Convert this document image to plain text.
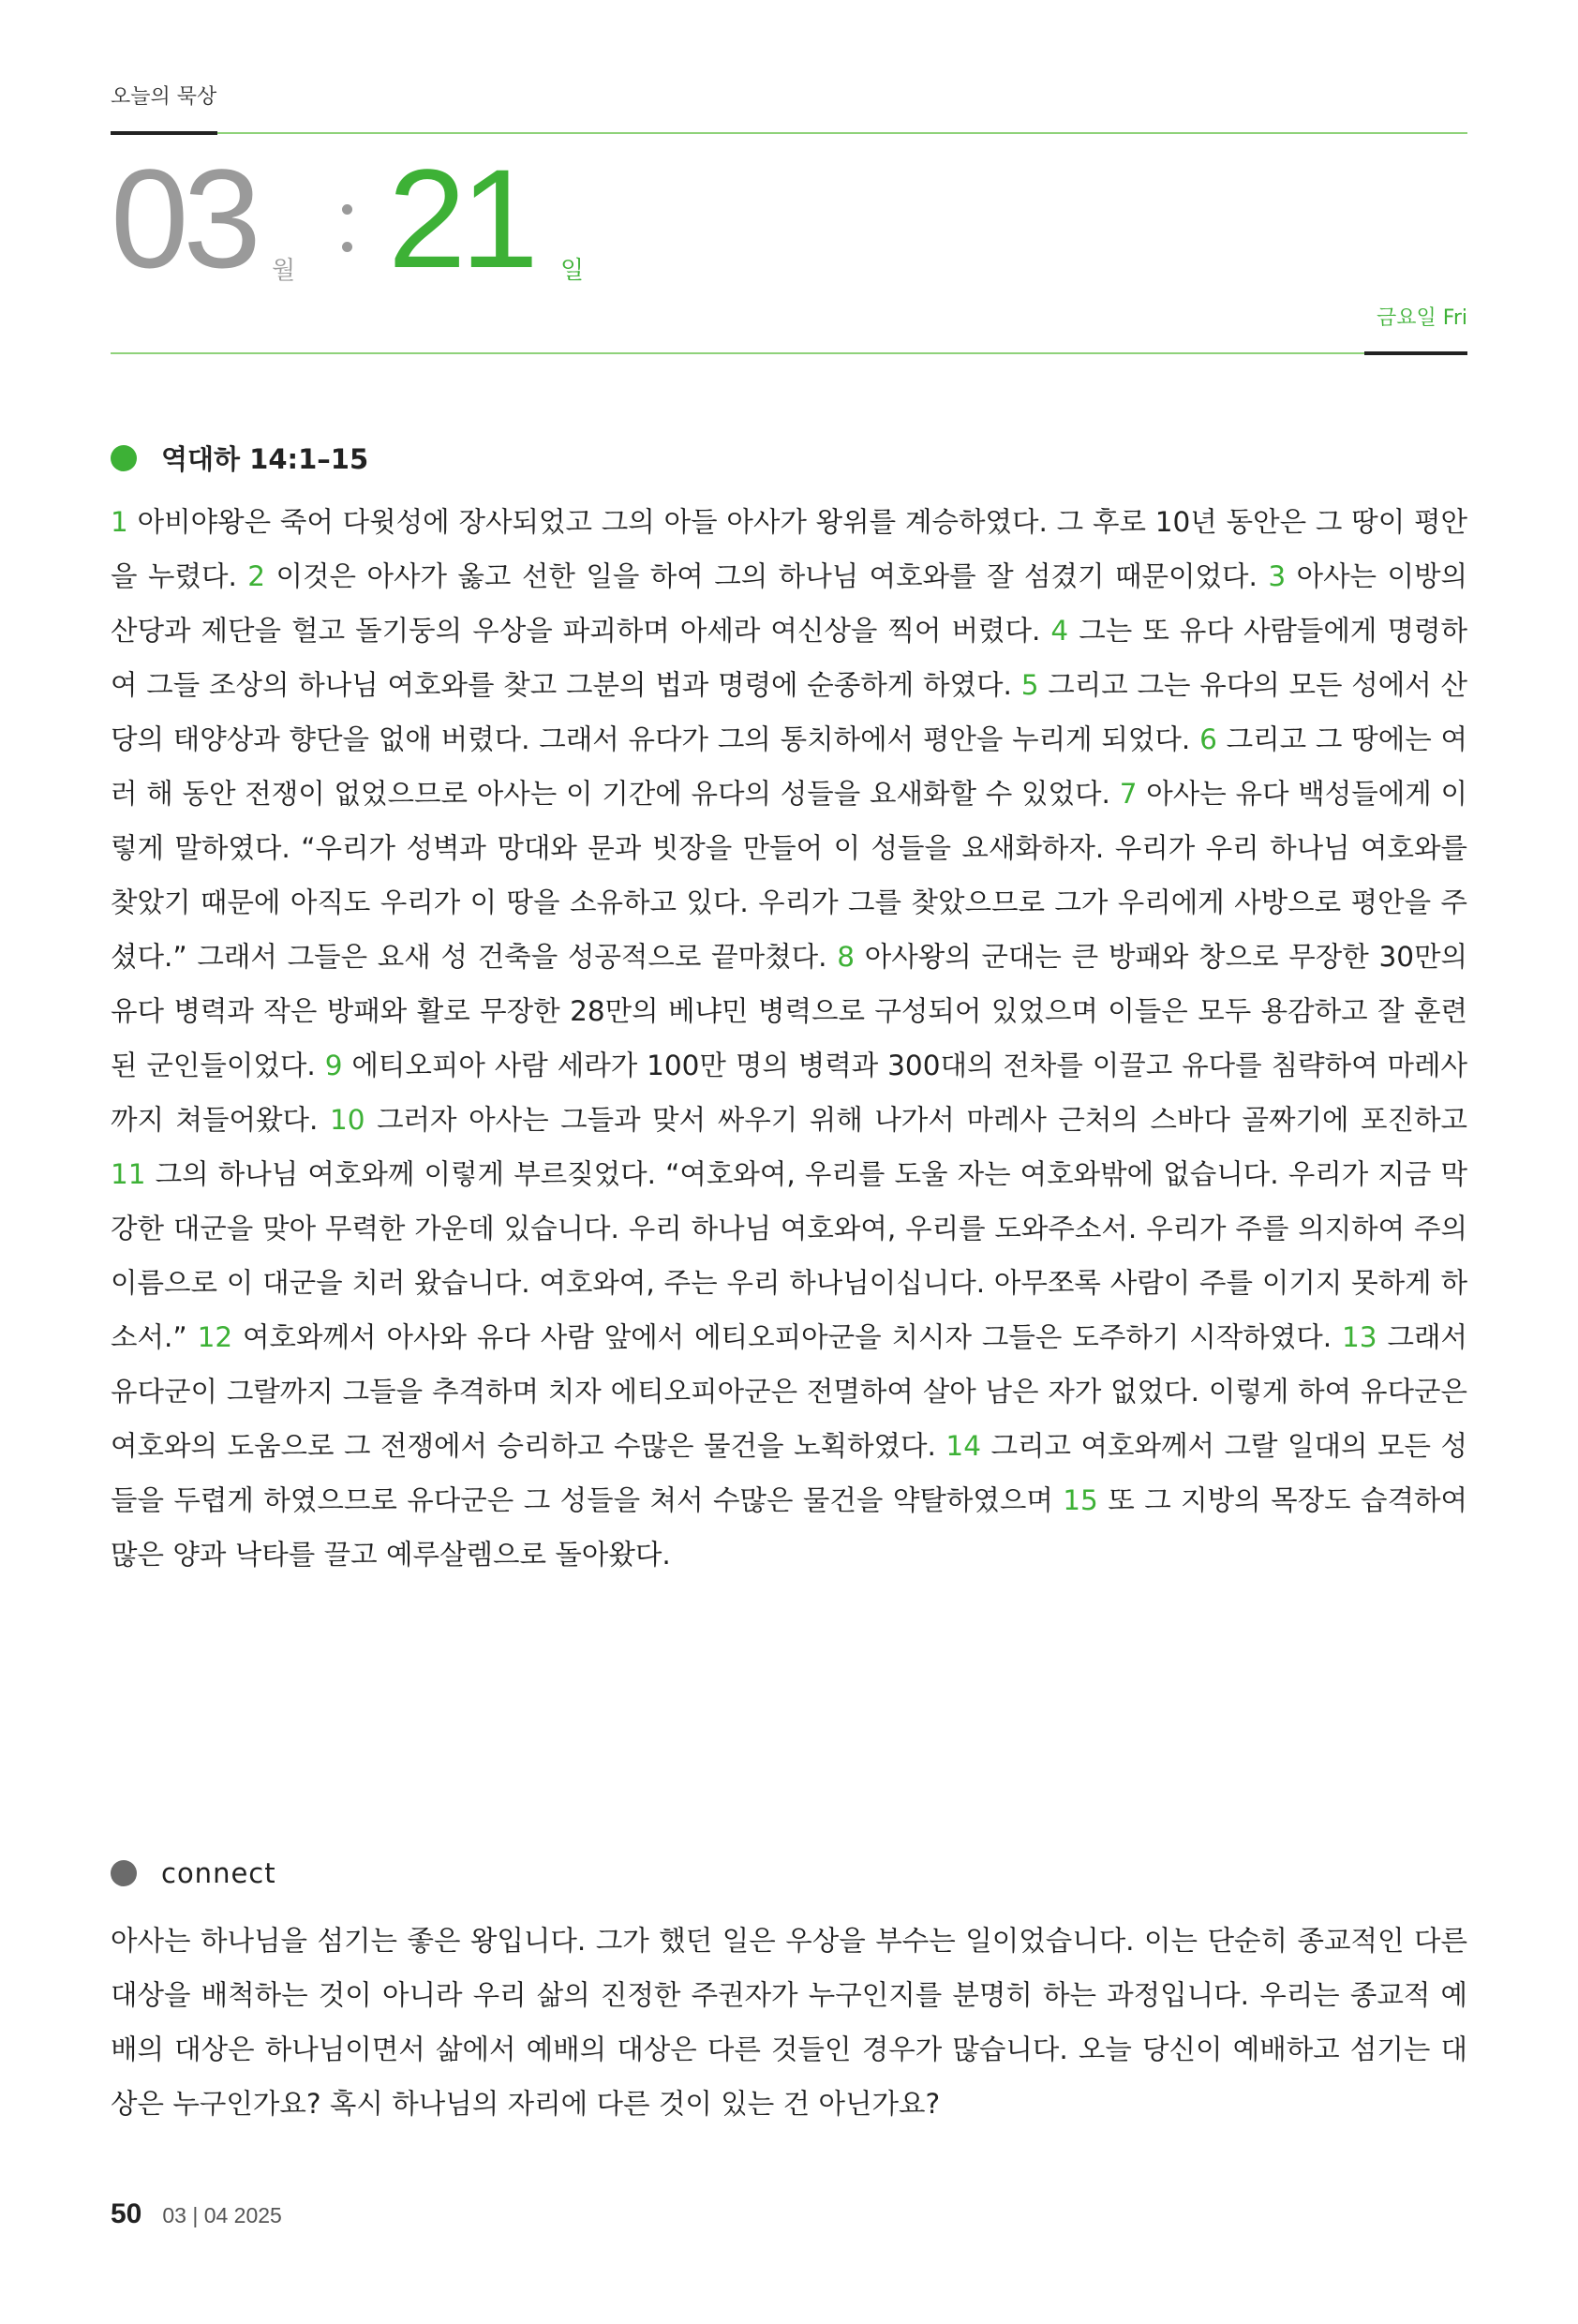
오늘의 묵상
03 월 21 일
금요일 Fri
역대하 14:1–15
1 아비야왕은 죽어 다윗성에 장사되었고 그의 아들 아사가 왕위를 계승하였다. 그 후로 10년 동안은 그 땅이 평안을 누렸다. 2 이것은 아사가 옳고 선한 일을 하여 그의 하나님 여호와를 잘 섬겼기 때문이었다. 3 아사는 이방의 산당과 제단을 헐고 돌기둥의 우상을 파괴하며 아세라 여신상을 찍어 버렸다. 4 그는 또 유다 사람들에게 명령하여 그들 조상의 하나님 여호와를 찾고 그분의 법과 명령에 순종하게 하였다. 5 그리고 그는 유다의 모든 성에서 산당의 태양상과 향단을 없애 버렸다. 그래서 유다가 그의 통치하에서 평안을 누리게 되었다. 6 그리고 그 땅에는 여러 해 동안 전쟁이 없었으므로 아사는 이 기간에 유다의 성들을 요새화할 수 있었다. 7 아사는 유다 백성들에게 이렇게 말하였다. “우리가 성벽과 망대와 문과 빗장을 만들어 이 성들을 요새화하자. 우리가 우리 하나님 여호와를 찾았기 때문에 아직도 우리가 이 땅을 소유하고 있다. 우리가 그를 찾았으므로 그가 우리에게 사방으로 평안을 주셨다.” 그래서 그들은 요새 성 건축을 성공적으로 끝마쳤다. 8 아사왕의 군대는 큰 방패와 창으로 무장한 30만의 유다 병력과 작은 방패와 활로 무장한 28만의 베냐민 병력으로 구성되어 있었으며 이들은 모두 용감하고 잘 훈련된 군인들이었다. 9 에티오피아 사람 세라가 100만 명의 병력과 300대의 전차를 이끌고 유다를 침략하여 마레사까지 쳐들어왔다. 10 그러자 아사는 그들과 맞서 싸우기 위해 나가서 마레사 근처의 스바다 골짜기에 포진하고 11 그의 하나님 여호와께 이렇게 부르짖었다. “여호와여, 우리를 도울 자는 여호와밖에 없습니다. 우리가 지금 막강한 대군을 맞아 무력한 가운데 있습니다. 우리 하나님 여호와여, 우리를 도와주소서. 우리가 주를 의지하여 주의 이름으로 이 대군을 치러 왔습니다. 여호와여, 주는 우리 하나님이십니다. 아무쪼록 사람이 주를 이기지 못하게 하소서.” 12 여호와께서 아사와 유다 사람 앞에서 에티오피아군을 치시자 그들은 도주하기 시작하였다. 13 그래서 유다군이 그랄까지 그들을 추격하며 치자 에티오피아군은 전멸하여 살아 남은 자가 없었다. 이렇게 하여 유다군은 여호와의 도움으로 그 전쟁에서 승리하고 수많은 물건을 노획하였다. 14 그리고 여호와께서 그랄 일대의 모든 성들을 두렵게 하였으므로 유다군은 그 성들을 쳐서 수많은 물건을 약탈하였으며 15 또 그 지방의 목장도 습격하여 많은 양과 낙타를 끌고 예루살렘으로 돌아왔다.
connect
아사는 하나님을 섬기는 좋은 왕입니다. 그가 했던 일은 우상을 부수는 일이었습니다. 이는 단순히 종교적인 다른 대상을 배척하는 것이 아니라 우리 삶의 진정한 주권자가 누구인지를 분명히 하는 과정입니다. 우리는 종교적 예배의 대상은 하나님이면서 삶에서 예배의 대상은 다른 것들인 경우가 많습니다. 오늘 당신이 예배하고 섬기는 대상은 누구인가요? 혹시 하나님의 자리에 다른 것이 있는 건 아닌가요?
50 03 | 04 2025
